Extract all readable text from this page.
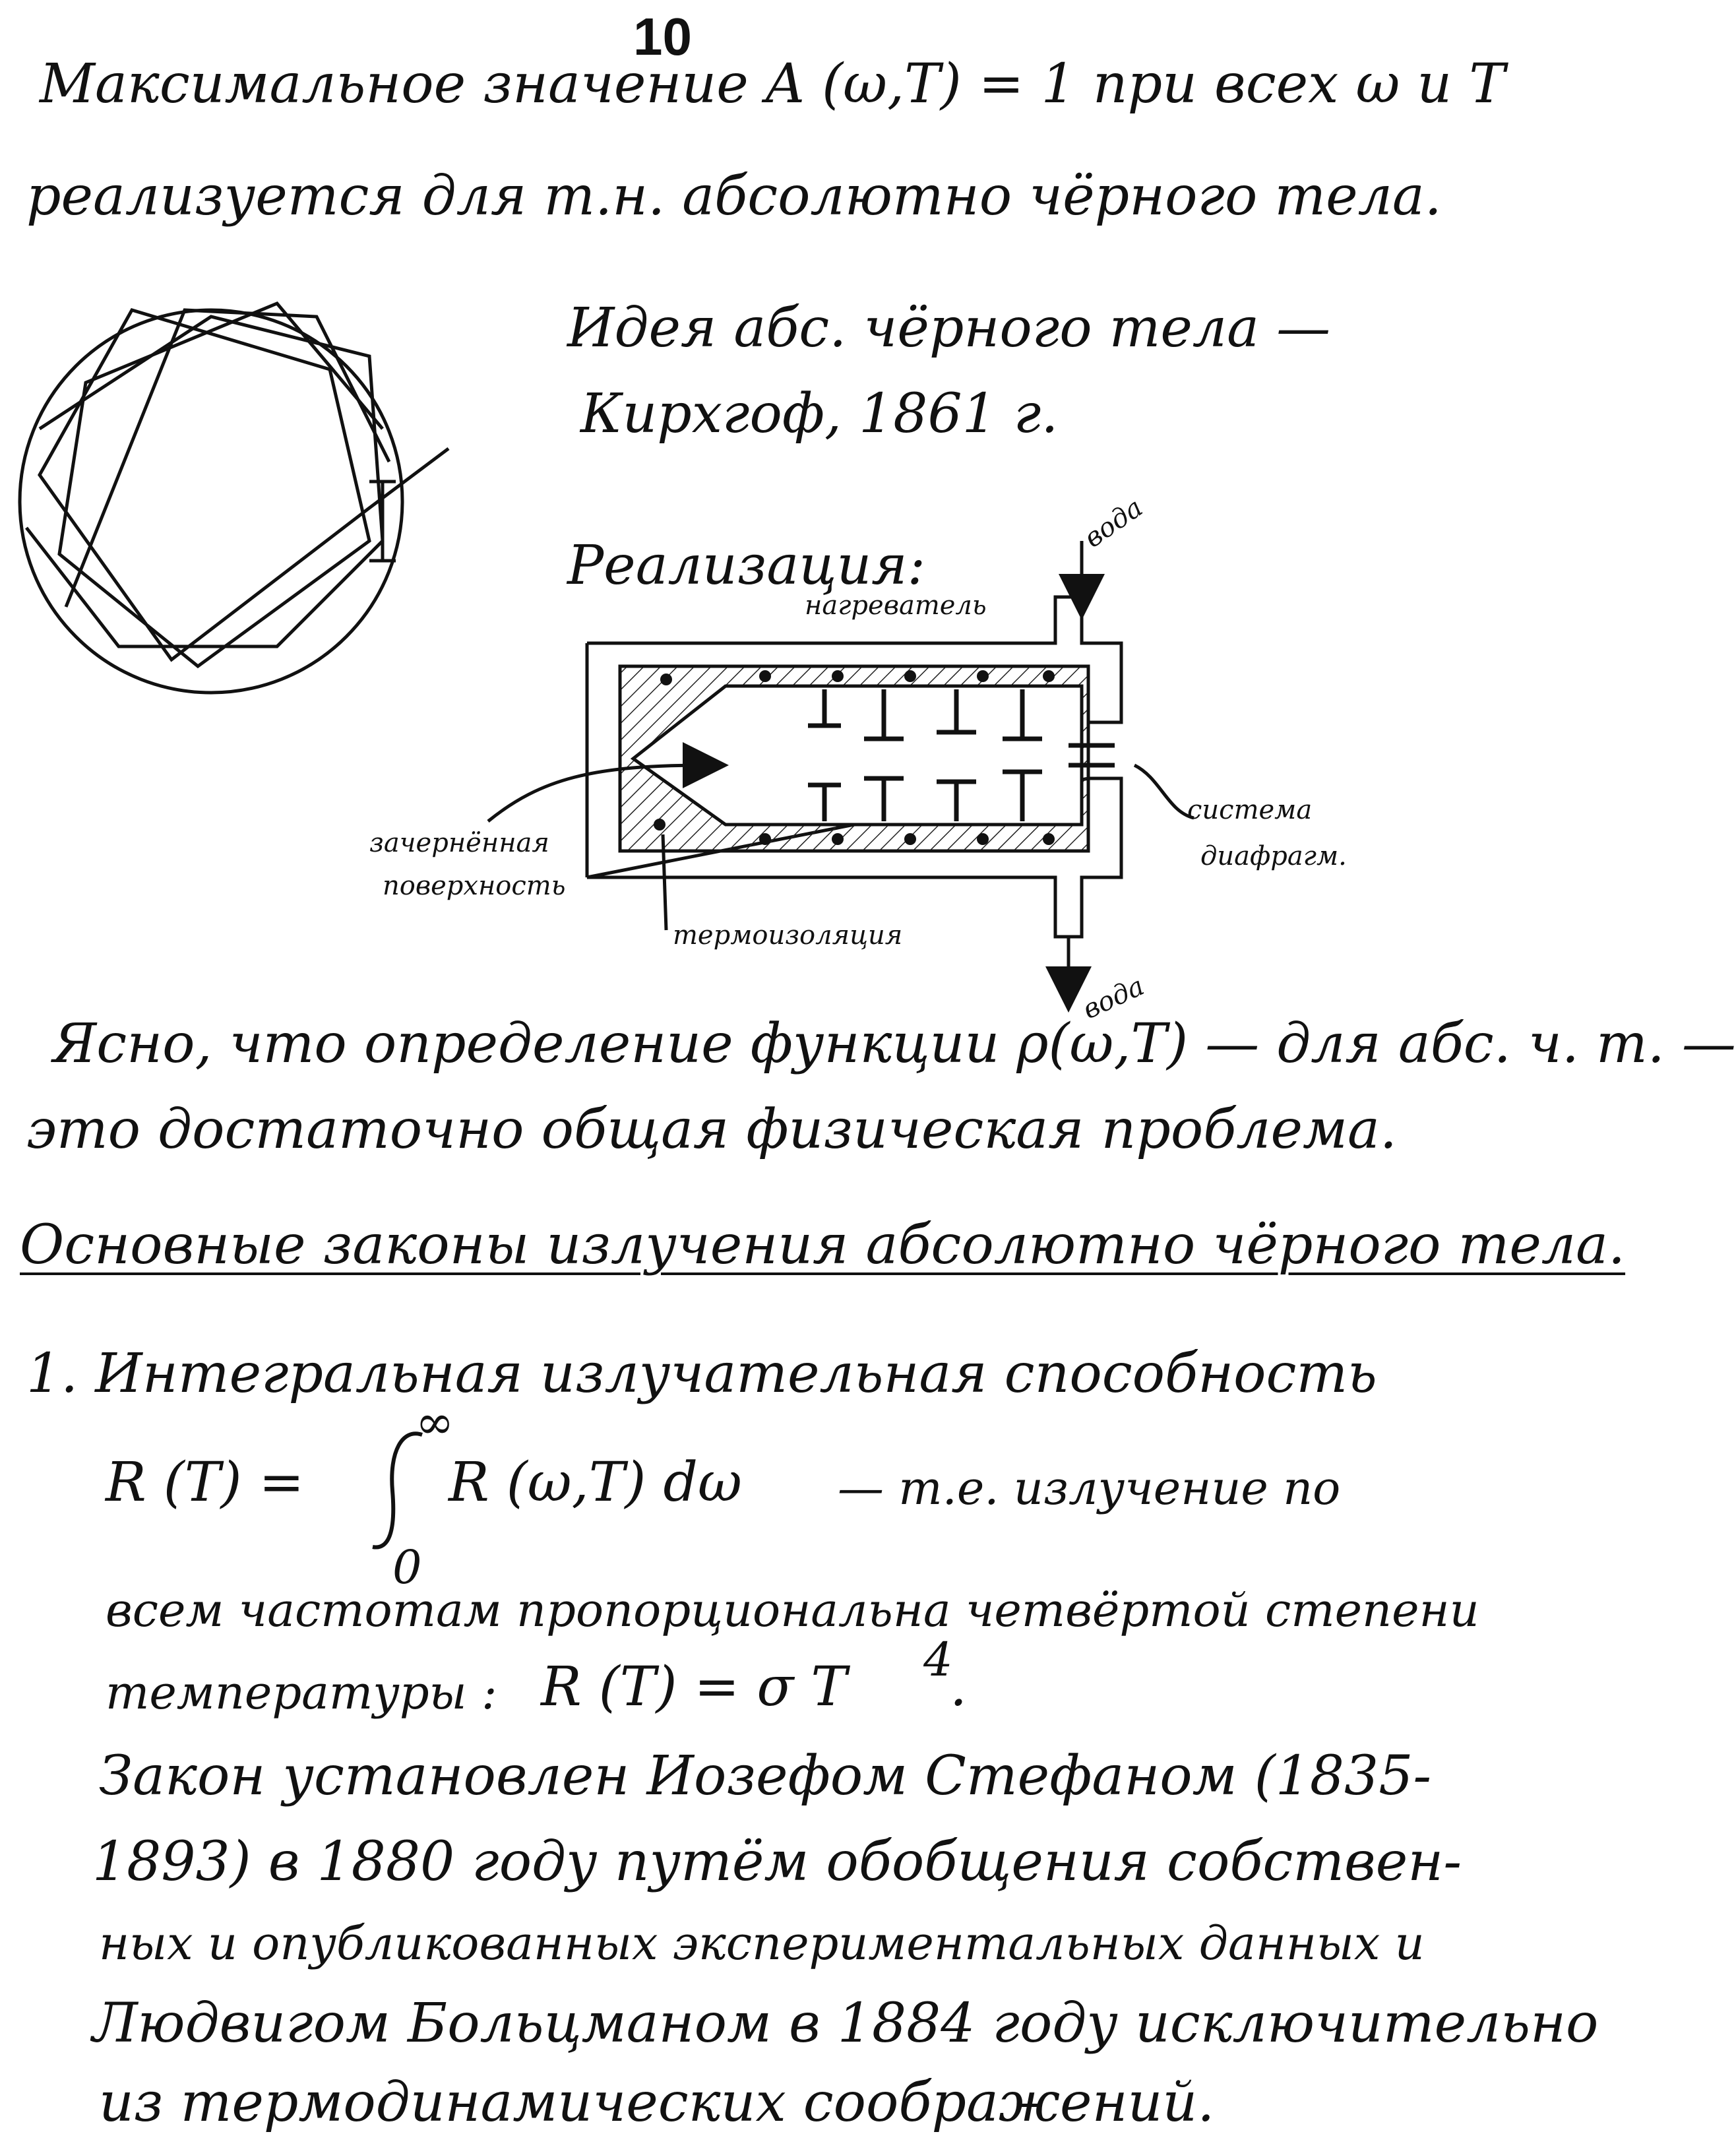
10
Максимальное значение A (ω,T) = 1 при всех ω и T
реализуется для т.н. абсолютно чёрного тела.
Идея абс. чёрного тела —
Кирхгоф, 1861 г.
Реализация:
нагреватель
вода
вода
зачернённая
поверхность
термоизоляция
система
диафрагм.
Ясно, что определение функции ρ(ω,T) — для абс. ч. т. —
это достаточно общая физическая проблема.
Основные законы излучения абсолютно чёрного тела.
1. Интегральная излучательная способность
R (T) =
∞
0
R (ω,T) dω — т.е. излучение по
всем частотам пропорциональна четвёртой степени
температуры : R (T) = σ T 4
.
Закон установлен Иозефом Стефаном (1835-
1893) в 1880 году путём обобщения собствен-
ных и опубликованных экспериментальных данных и
Людвигом Больцманом в 1884 году исключительно
из термодинамических соображений.
